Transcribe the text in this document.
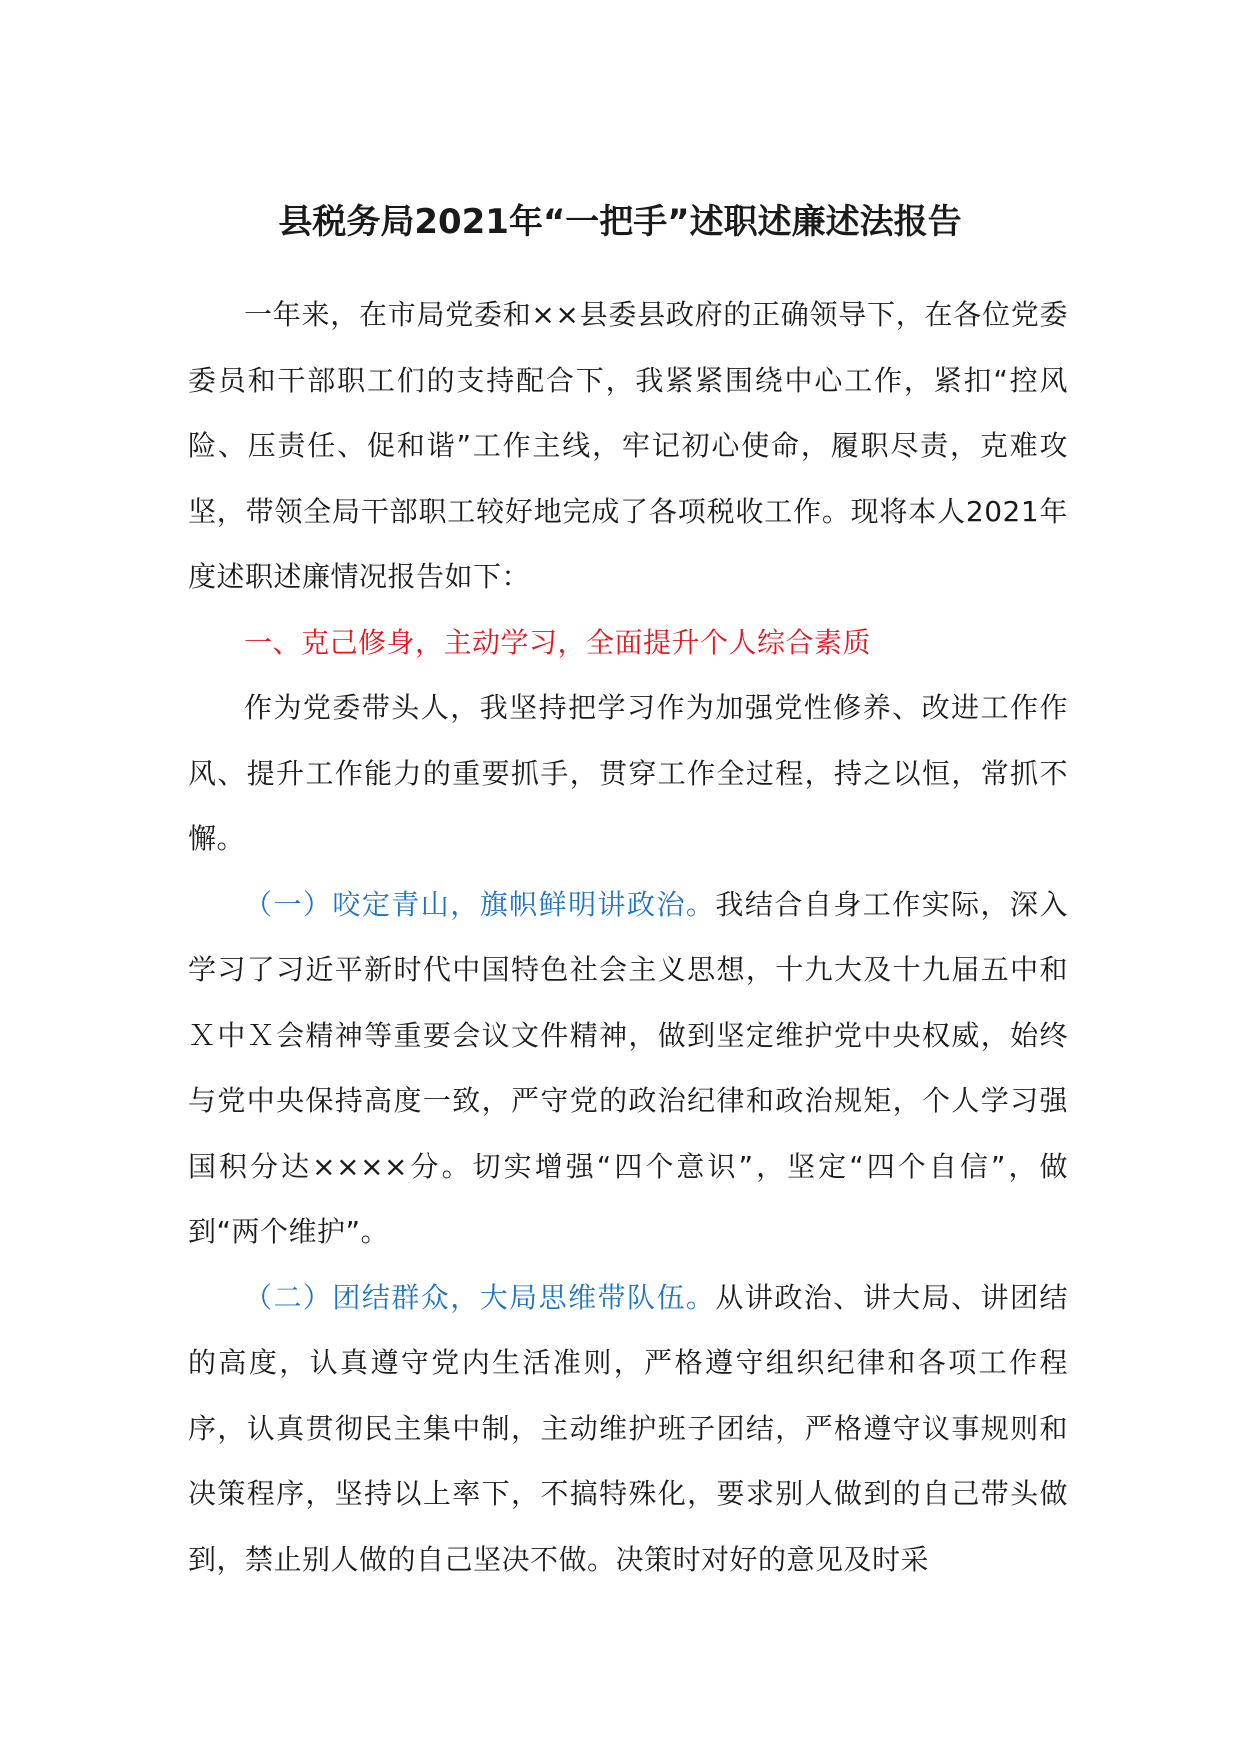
县税务局2021年“一把手”述职述廉述法报告

一年来，在市局党委和××县委县政府的正确领导下，在各位党委委员和干部职工们的支持配合下，我紧紧围绕中心工作，紧扣“控风险、压责任、促和谐”工作主线，牢记初心使命，履职尽责，克难攻坚，带领全局干部职工较好地完成了各项税收工作。现将本人2021年度述职述廉情况报告如下：

一、克己修身，主动学习，全面提升个人综合素质

作为党委带头人，我坚持把学习作为加强党性修养、改进工作作风、提升工作能力的重要抓手，贯穿工作全过程，持之以恒，常抓不懈。

（一）咬定青山，旗帜鲜明讲政治。我结合自身工作实际，深入学习了习近平新时代中国特色社会主义思想，十九大及十九届五中和Ｘ中Ｘ会精神等重要会议文件精神，做到坚定维护党中央权威，始终与党中央保持高度一致，严守党的政治纪律和政治规矩，个人学习强国积分达××××分。切实增强“四个意识”，坚定“四个自信”，做到“两个维护”。

（二）团结群众，大局思维带队伍。从讲政治、讲大局、讲团结的高度，认真遵守党内生活准则，严格遵守组织纪律和各项工作程序，认真贯彻民主集中制，主动维护班子团结，严格遵守议事规则和决策程序，坚持以上率下，不搞特殊化，要求别人做到的自己带头做到，禁止别人做的自己坚决不做。决策时对好的意见及时采
